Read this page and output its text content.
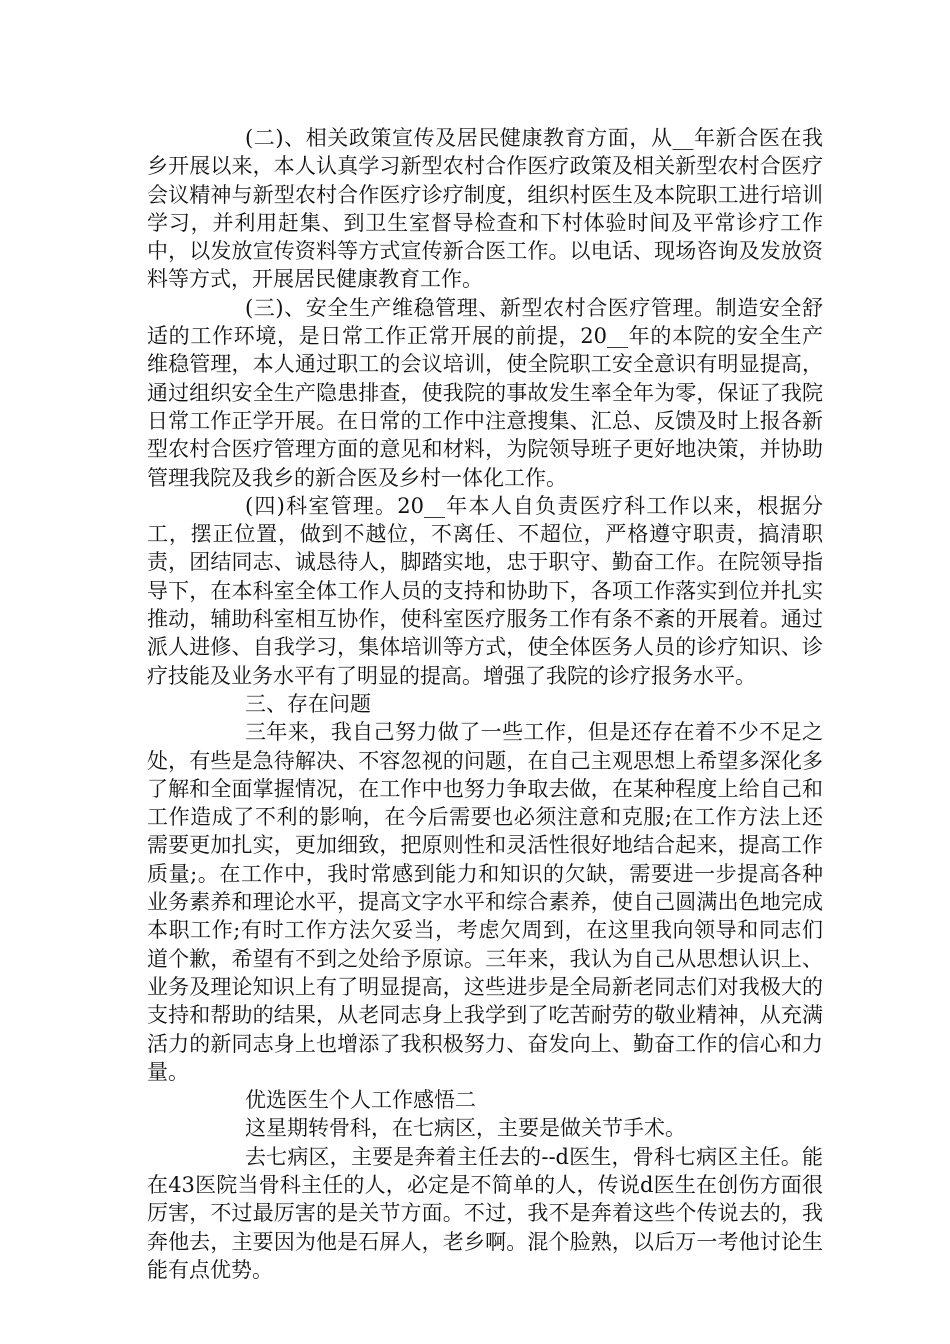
(二)、相关政策宣传及居民健康教育方面，从__年新合医在我乡开展以来，本人认真学习新型农村合作医疗政策及相关新型农村合医疗会议精神与新型农村合作医疗诊疗制度，组织村医生及本院职工进行培训学习，并利用赶集、到卫生室督导检查和下村体验时间及平常诊疗工作中，以发放宣传资料等方式宣传新合医工作。以电话、现场咨询及发放资料等方式，开展居民健康教育工作。

(三)、安全生产维稳管理、新型农村合医疗管理。制造安全舒适的工作环境，是日常工作正常开展的前提，20__年的本院的安全生产维稳管理，本人通过职工的会议培训，使全院职工安全意识有明显提高，通过组织安全生产隐患排查，使我院的事故发生率全年为零，保证了我院日常工作正学开展。在日常的工作中注意搜集、汇总、反馈及时上报各新型农村合医疗管理方面的意见和材料，为院领导班子更好地决策，并协助管理我院及我乡的新合医及乡村一体化工作。

(四)科室管理。20__年本人自负责医疗科工作以来，根据分工，摆正位置，做到不越位，不离任、不超位，严格遵守职责，搞清职责，团结同志、诚恳待人，脚踏实地，忠于职守、勤奋工作。在院领导指导下，在本科室全体工作人员的支持和协助下，各项工作落实到位并扎实推动，辅助科室相互协作，使科室医疗服务工作有条不紊的开展着。通过派人进修、自我学习，集体培训等方式，使全体医务人员的诊疗知识、诊疗技能及业务水平有了明显的提高。增强了我院的诊疗报务水平。

三、存在问题

三年来，我自己努力做了一些工作，但是还存在着不少不足之处，有些是急待解决、不容忽视的问题，在自己主观思想上希望多深化多了解和全面掌握情况，在工作中也努力争取去做，在某种程度上给自己和工作造成了不利的影响，在今后需要也必须注意和克服;在工作方法上还需要更加扎实，更加细致，把原则性和灵活性很好地结合起来，提高工作质量;。在工作中，我时常感到能力和知识的欠缺，需要进一步提高各种业务素养和理论水平，提高文字水平和综合素养，使自己圆满出色地完成本职工作;有时工作方法欠妥当，考虑欠周到，在这里我向领导和同志们道个歉，希望有不到之处给予原谅。三年来，我认为自己从思想认识上、业务及理论知识上有了明显提高，这些进步是全局新老同志们对我极大的支持和帮助的结果，从老同志身上我学到了吃苦耐劳的敬业精神，从充满活力的新同志身上也增添了我积极努力、奋发向上、勤奋工作的信心和力量。

优选医生个人工作感悟二

这星期转骨科，在七病区，主要是做关节手术。

去七病区，主要是奔着主任去的--d医生，骨科七病区主任。能在43医院当骨科主任的人，必定是不简单的人，传说d医生在创伤方面很厉害，不过最厉害的是关节方面。不过，我不是奔着这些个传说去的，我奔他去，主要因为他是石屏人，老乡啊。混个脸熟，以后万一考他讨论生能有点优势。
